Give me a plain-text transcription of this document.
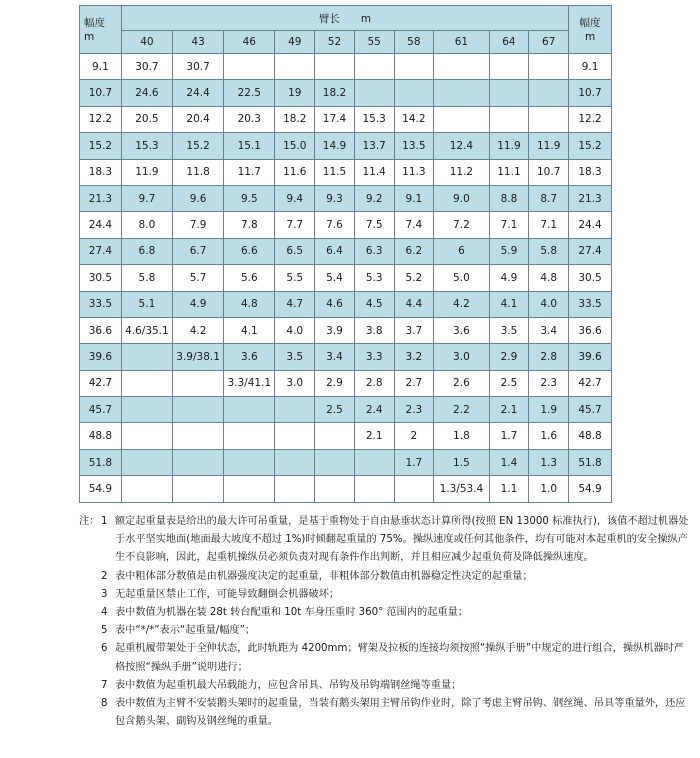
幅度
m	臂长　　m										幅度
m
	40	43	46	49	52	55	58	61	64	67	
9.1	30.7	30.7									9.1
10.7	24.6	24.4	22.5	19	18.2						10.7
12.2	20.5	20.4	20.3	18.2	17.4	15.3	14.2				12.2
15.2	15.3	15.2	15.1	15.0	14.9	13.7	13.5	12.4	11.9	11.9	15.2
18.3	11.9	11.8	11.7	11.6	11.5	11.4	11.3	11.2	11.1	10.7	18.3
21.3	9.7	9.6	9.5	9.4	9.3	9.2	9.1	9.0	8.8	8.7	21.3
24.4	8.0	7.9	7.8	7.7	7.6	7.5	7.4	7.2	7.1	7.1	24.4
27.4	6.8	6.7	6.6	6.5	6.4	6.3	6.2	6	5.9	5.8	27.4
30.5	5.8	5.7	5.6	5.5	5.4	5.3	5.2	5.0	4.9	4.8	30.5
33.5	5.1	4.9	4.8	4.7	4.6	4.5	4.4	4.2	4.1	4.0	33.5
36.6	4.6/35.1	4.2	4.1	4.0	3.9	3.8	3.7	3.6	3.5	3.4	36.6
39.6		3.9/38.1	3.6	3.5	3.4	3.3	3.2	3.0	2.9	2.8	39.6
42.7			3.3/41.1	3.0	2.9	2.8	2.7	2.6	2.5	2.3	42.7
45.7					2.5	2.4	2.3	2.2	2.1	1.9	45.7
48.8						2.1	2	1.8	1.7	1.6	48.8
51.8							1.7	1.5	1.4	1.3	51.8
54.9								1.3/53.4	1.1	1.0	54.9
注： 1 额定起重量表是给出的最大许可吊重量，是基于重物处于自由悬垂状态计算所得(按照 EN 13000 标准执行)，该值不超过机器处于水平坚实地面(地面最大坡度不超过 1%)时倾翻起重量的 75%。操纵速度或任何其他条件，均有可能对本起重机的安全操纵产生不良影响，因此，起重机操纵员必须负责对现有条件作出判断，并且相应减少起重负荷及降低操纵速度。
2 表中粗体部分数值是由机器强度决定的起重量，非粗体部分数值由机器稳定性决定的起重量；
3 无起重量区禁止工作，可能导致翻倒会机器破坏；
4 表中数值为机器在装 28t 转台配重和 10t 车身压重时 360° 范围内的起重量；
5 表中“*/*”表示“起重量/幅度”；
6 起重机履带架处于全伸状态，此时轨距为 4200mm；臂架及拉板的连接均须按照“操纵手册”中规定的进行组合，操纵机器时严格按照“操纵手册”说明进行；
7 表中数值为起重机最大吊载能力，应包含吊具、吊钩及吊钩端钢丝绳等重量；
8 表中数值为主臂不安装鹅头架时的起重量，当装有鹅头架用主臂吊钩作业时，除了考虑主臂吊钩、钢丝绳、吊具等重量外，还应包含鹅头架、副钩及钢丝绳的重量。
